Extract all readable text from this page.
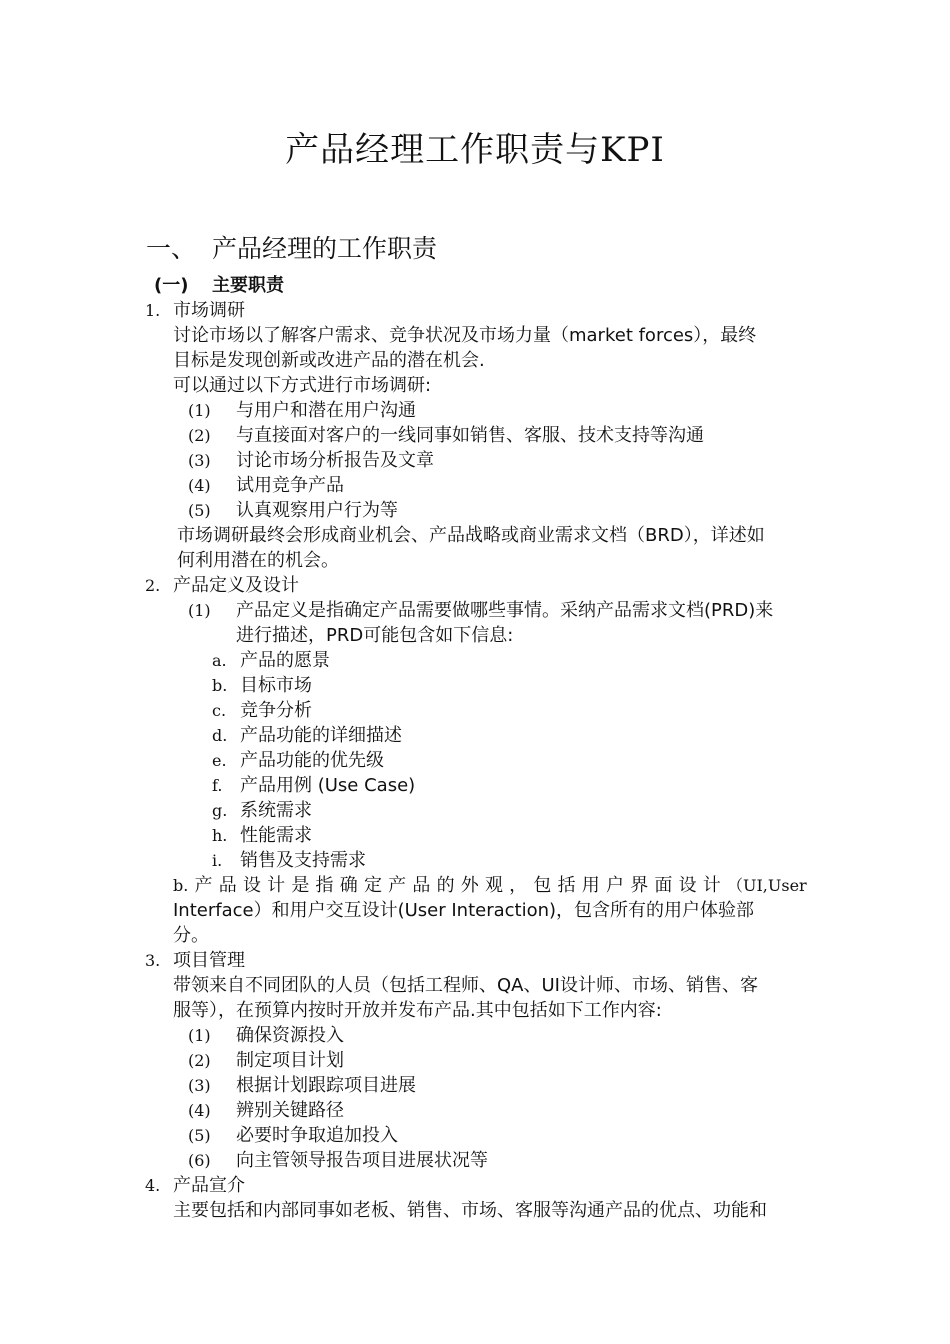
产品经理工作职责与KPI
一、 产品经理的工作职责
(一) 主要职责
1. 市场调研
讨论市场以了解客户需求、竞争状况及市场力量（market forces），最终
目标是发现创新或改进产品的潜在机会.
可以通过以下方式进行市场调研:
(1) 与用户和潜在用户沟通
(2) 与直接面对客户的一线同事如销售、客服、技术支持等沟通
(3) 讨论市场分析报告及文章
(4) 试用竞争产品
(5) 认真观察用户行为等
市场调研最终会形成商业机会、产品战略或商业需求文档（BRD），详述如
何利用潜在的机会。
2. 产品定义及设计
(1) 产品定义是指确定产品需要做哪些事情。采纳产品需求文档(PRD)来
进行描述，PRD可能包含如下信息:
a. 产品的愿景
b. 目标市场
c. 竞争分析
d. 产品功能的详细描述
e. 产品功能的优先级
f. 产品用例 (Use Case)
g. 系统需求
h. 性能需求
i. 销售及支持需求
b. 产 品 设 计 是 指 确 定 产 品 的 外 观 ， 包 括 用 户 界 面 设 计 （UI,User
Interface）和用户交互设计(User Interaction)，包含所有的用户体验部
分。
3. 项目管理
带领来自不同团队的人员（包括工程师、QA、UI设计师、市场、销售、客
服等），在预算内按时开放并发布产品.其中包括如下工作内容:
(1) 确保资源投入
(2) 制定项目计划
(3) 根据计划跟踪项目进展
(4) 辨别关键路径
(5) 必要时争取追加投入
(6) 向主管领导报告项目进展状况等
4. 产品宣介
主要包括和内部同事如老板、销售、市场、客服等沟通产品的优点、功能和
